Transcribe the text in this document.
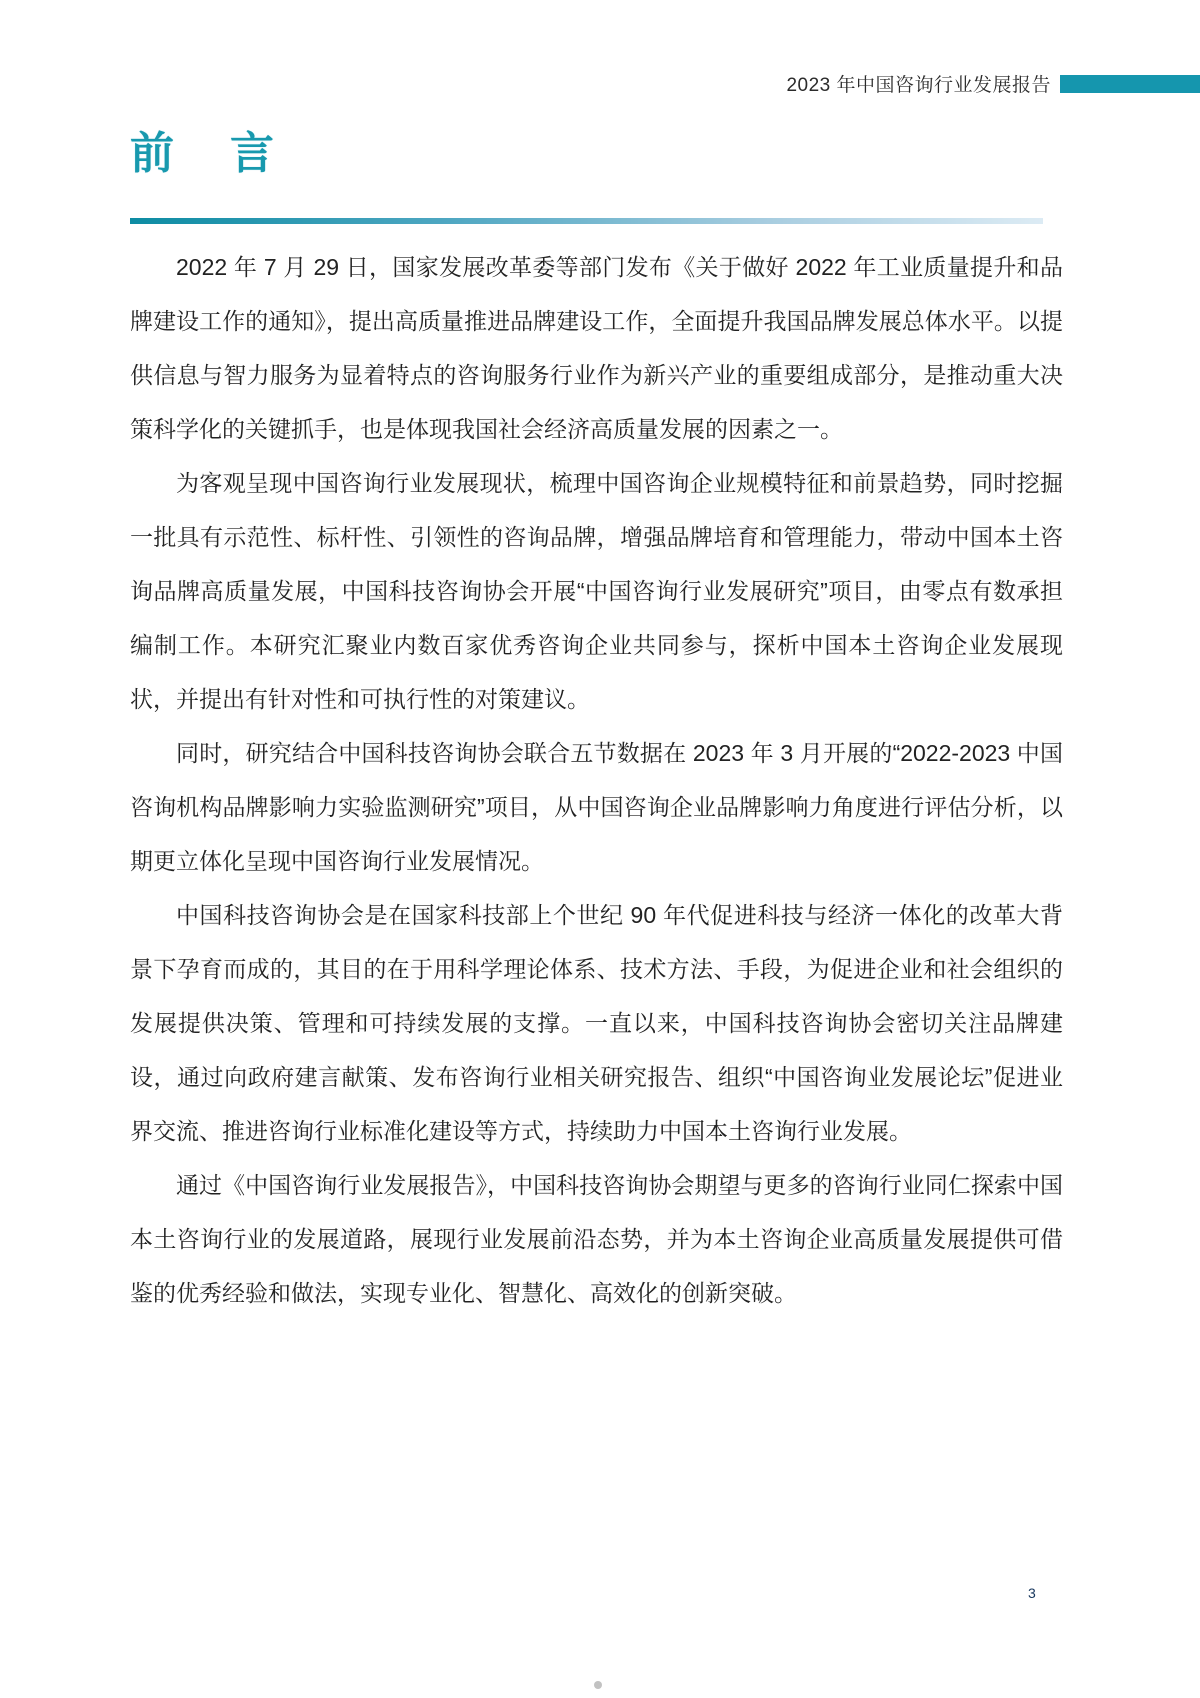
2023 年中国咨询行业发展报告
前　言

2022 年 7 月 29 日，国家发展改革委等部门发布《关于做好 2022 年工业质量提升和品牌建设工作的通知》，提出高质量推进品牌建设工作，全面提升我国品牌发展总体水平。以提供信息与智力服务为显着特点的咨询服务行业作为新兴产业的重要组成部分，是推动重大决策科学化的关键抓手，也是体现我国社会经济高质量发展的因素之一。

为客观呈现中国咨询行业发展现状，梳理中国咨询企业规模特征和前景趋势，同时挖掘一批具有示范性、标杆性、引领性的咨询品牌，增强品牌培育和管理能力，带动中国本土咨询品牌高质量发展，中国科技咨询协会开展“中国咨询行业发展研究”项目，由零点有数承担编制工作。本研究汇聚业内数百家优秀咨询企业共同参与，探析中国本土咨询企业发展现状，并提出有针对性和可执行性的对策建议。

同时，研究结合中国科技咨询协会联合五节数据在 2023 年 3 月开展的“2022-2023 中国咨询机构品牌影响力实验监测研究”项目，从中国咨询企业品牌影响力角度进行评估分析，以期更立体化呈现中国咨询行业发展情况。

中国科技咨询协会是在国家科技部上个世纪 90 年代促进科技与经济一体化的改革大背景下孕育而成的，其目的在于用科学理论体系、技术方法、手段，为促进企业和社会组织的发展提供决策、管理和可持续发展的支撑。一直以来，中国科技咨询协会密切关注品牌建设，通过向政府建言献策、发布咨询行业相关研究报告、组织“中国咨询业发展论坛”促进业界交流、推进咨询行业标准化建设等方式，持续助力中国本土咨询行业发展。

通过《中国咨询行业发展报告》，中国科技咨询协会期望与更多的咨询行业同仁探索中国本土咨询行业的发展道路，展现行业发展前沿态势，并为本土咨询企业高质量发展提供可借鉴的优秀经验和做法，实现专业化、智慧化、高效化的创新突破。

3
